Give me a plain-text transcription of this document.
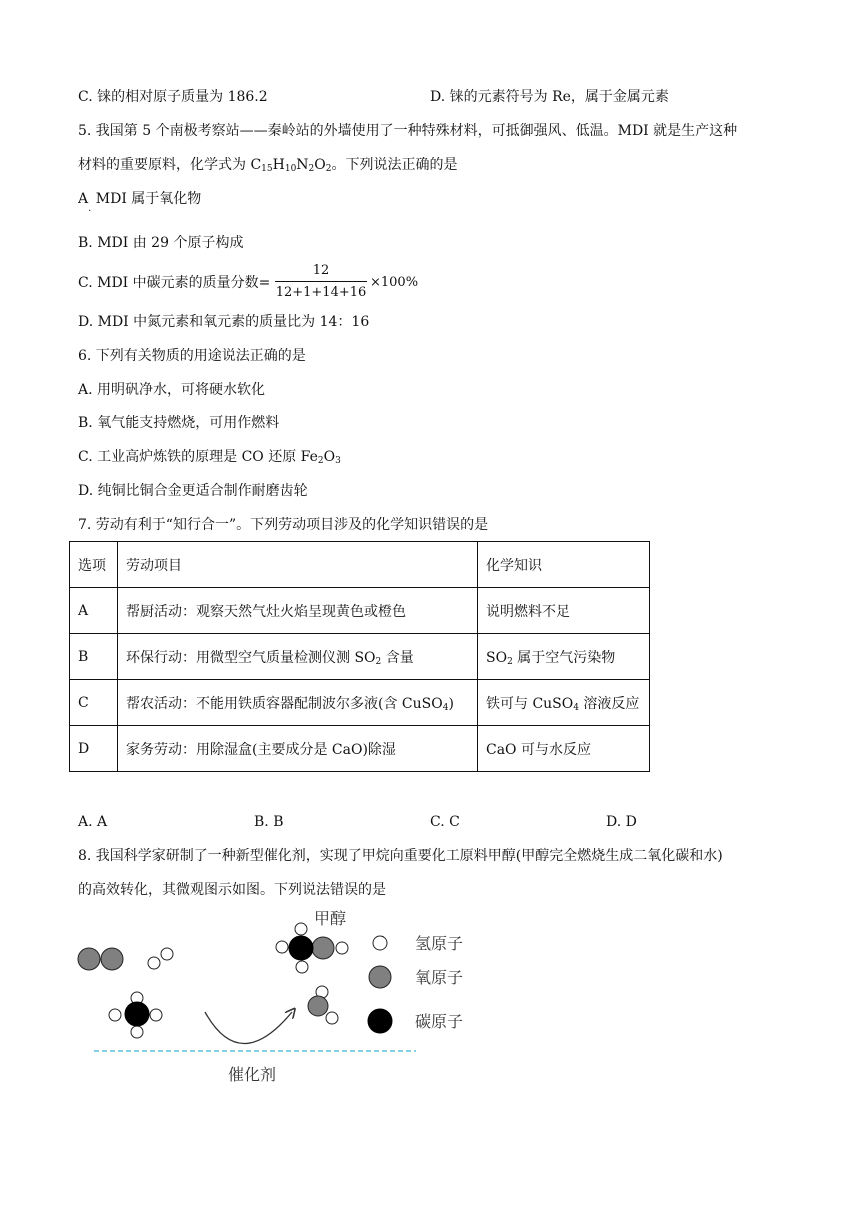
C. 铼的相对原子质量为 186.2	D. 铼的元素符号为 Re，属于金属元素
5. 我国第 5 个南极考察站——秦岭站的外墙使用了一种特殊材料，可抵御强风、低温。MDI 就是生产这种
材料的重要原料，化学式为 $C_{15}H_{10}N_2O_2$。下列说法正确的是
$A_.$ MDI 属于氧化物
B. MDI 由 29 个原子构成
C. MDI 中碳元素的质量分数=
12
12+1+14+16
×100%
D. MDI 中氮元素和氧元素的质量比为 14：16
6. 下列有关物质的用途说法正确的是
A. 用明矾净水，可将硬水软化
B. 氧气能支持燃烧，可用作燃料
C. 工业高炉炼铁的原理是 CO 还原 $Fe_2O_3$
D. 纯铜比铜合金更适合制作耐磨齿轮
7. 劳动有利于“知行合一”。下列劳动项目涉及的化学知识错误的是
选项	劳动项目	化学知识
A	帮厨活动：观察天然气灶火焰呈现黄色或橙色	说明燃料不足
B	环保行动：用微型空气质量检测仪测 $SO_2$ 含量	$SO_2$ 属于空气污染物
C	帮农活动：不能用铁质容器配制波尔多液(含 CuSO$_4$)	铁可与 CuSO$_4$ 溶液反应
D	家务劳动：用除湿盒(主要成分是 CaO)除湿	CaO 可与水反应
A. A	B. B	C. C	D. D
8. 我国科学家研制了一种新型催化剂，实现了甲烷向重要化工原料甲醇(甲醇完全燃烧生成二氧化碳和水)
的高效转化，其微观图示如图。下列说法错误的是
甲醇
氢原子
氧原子
碳原子
催化剂
